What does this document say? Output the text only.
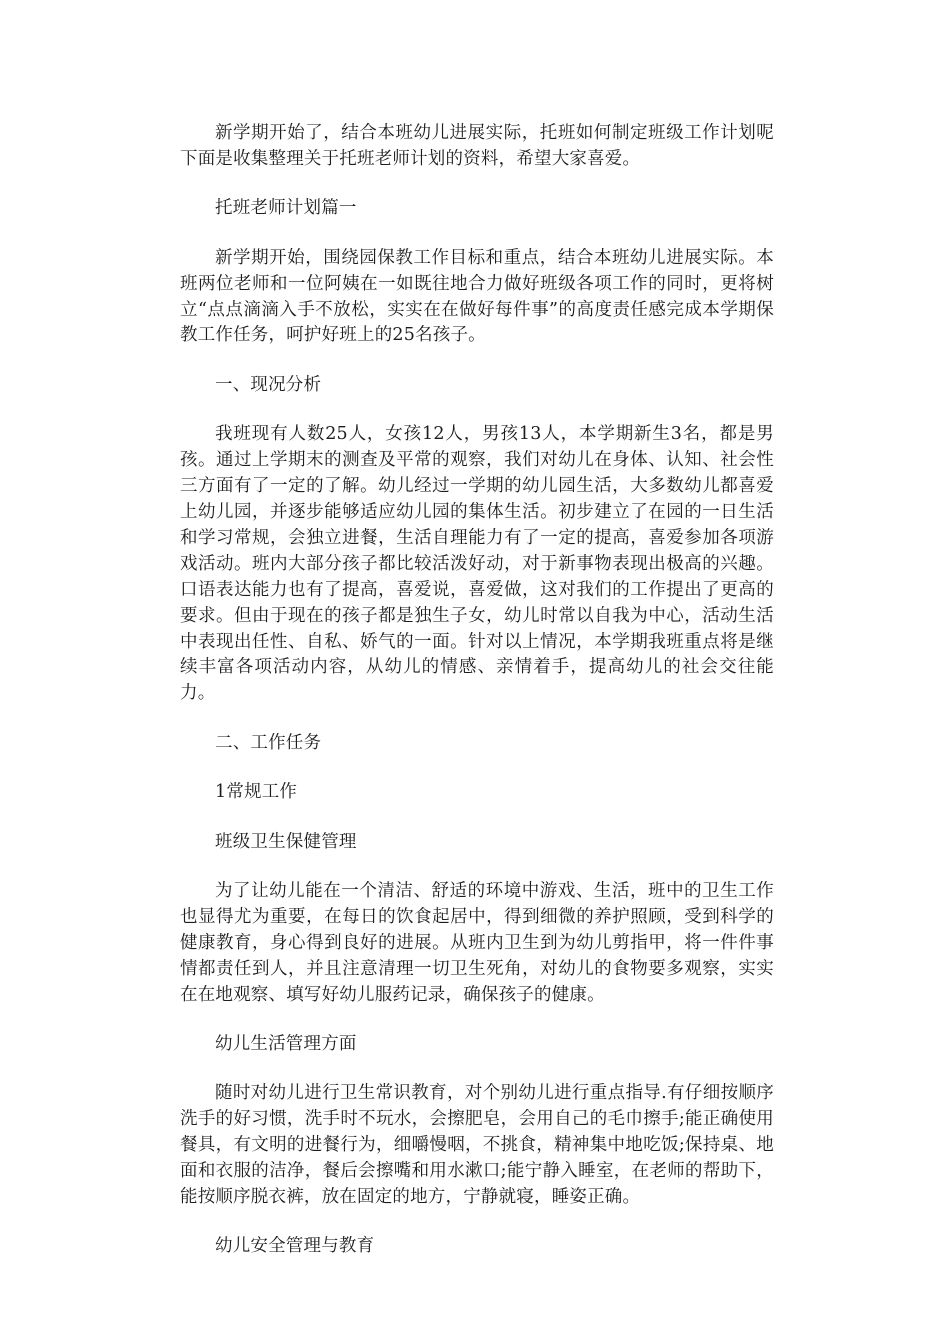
新学期开始了，结合本班幼儿进展实际，托班如何制定班级工作计划呢下面是收集整理关于托班老师计划的资料，希望大家喜爱。

托班老师计划篇一

新学期开始，围绕园保教工作目标和重点，结合本班幼儿进展实际。本班两位老师和一位阿姨在一如既往地合力做好班级各项工作的同时，更将树立“点点滴滴入手不放松，实实在在做好每件事”的高度责任感完成本学期保教工作任务，呵护好班上的25名孩子。

一、现况分析

我班现有人数25人，女孩12人，男孩13人，本学期新生3名，都是男孩。通过上学期末的测查及平常的观察，我们对幼儿在身体、认知、社会性三方面有了一定的了解。幼儿经过一学期的幼儿园生活，大多数幼儿都喜爱上幼儿园，并逐步能够适应幼儿园的集体生活。初步建立了在园的一日生活和学习常规，会独立进餐，生活自理能力有了一定的提高，喜爱参加各项游戏活动。班内大部分孩子都比较活泼好动，对于新事物表现出极高的兴趣。口语表达能力也有了提高，喜爱说，喜爱做，这对我们的工作提出了更高的要求。但由于现在的孩子都是独生子女，幼儿时常以自我为中心，活动生活中表现出任性、自私、娇气的一面。针对以上情况，本学期我班重点将是继续丰富各项活动内容，从幼儿的情感、亲情着手，提高幼儿的社会交往能力。

二、工作任务

1常规工作

班级卫生保健管理

为了让幼儿能在一个清洁、舒适的环境中游戏、生活，班中的卫生工作也显得尤为重要，在每日的饮食起居中，得到细微的养护照顾，受到科学的健康教育，身心得到良好的进展。从班内卫生到为幼儿剪指甲，将一件件事情都责任到人，并且注意清理一切卫生死角，对幼儿的食物要多观察，实实在在地观察、填写好幼儿服药记录，确保孩子的健康。

幼儿生活管理方面

随时对幼儿进行卫生常识教育，对个别幼儿进行重点指导.有仔细按顺序洗手的好习惯，洗手时不玩水，会擦肥皂，会用自己的毛巾擦手;能正确使用餐具，有文明的进餐行为，细嚼慢咽，不挑食，精神集中地吃饭;保持桌、地面和衣服的洁净，餐后会擦嘴和用水漱口;能宁静入睡室，在老师的帮助下，能按顺序脱衣裤，放在固定的地方，宁静就寝，睡姿正确。

幼儿安全管理与教育
